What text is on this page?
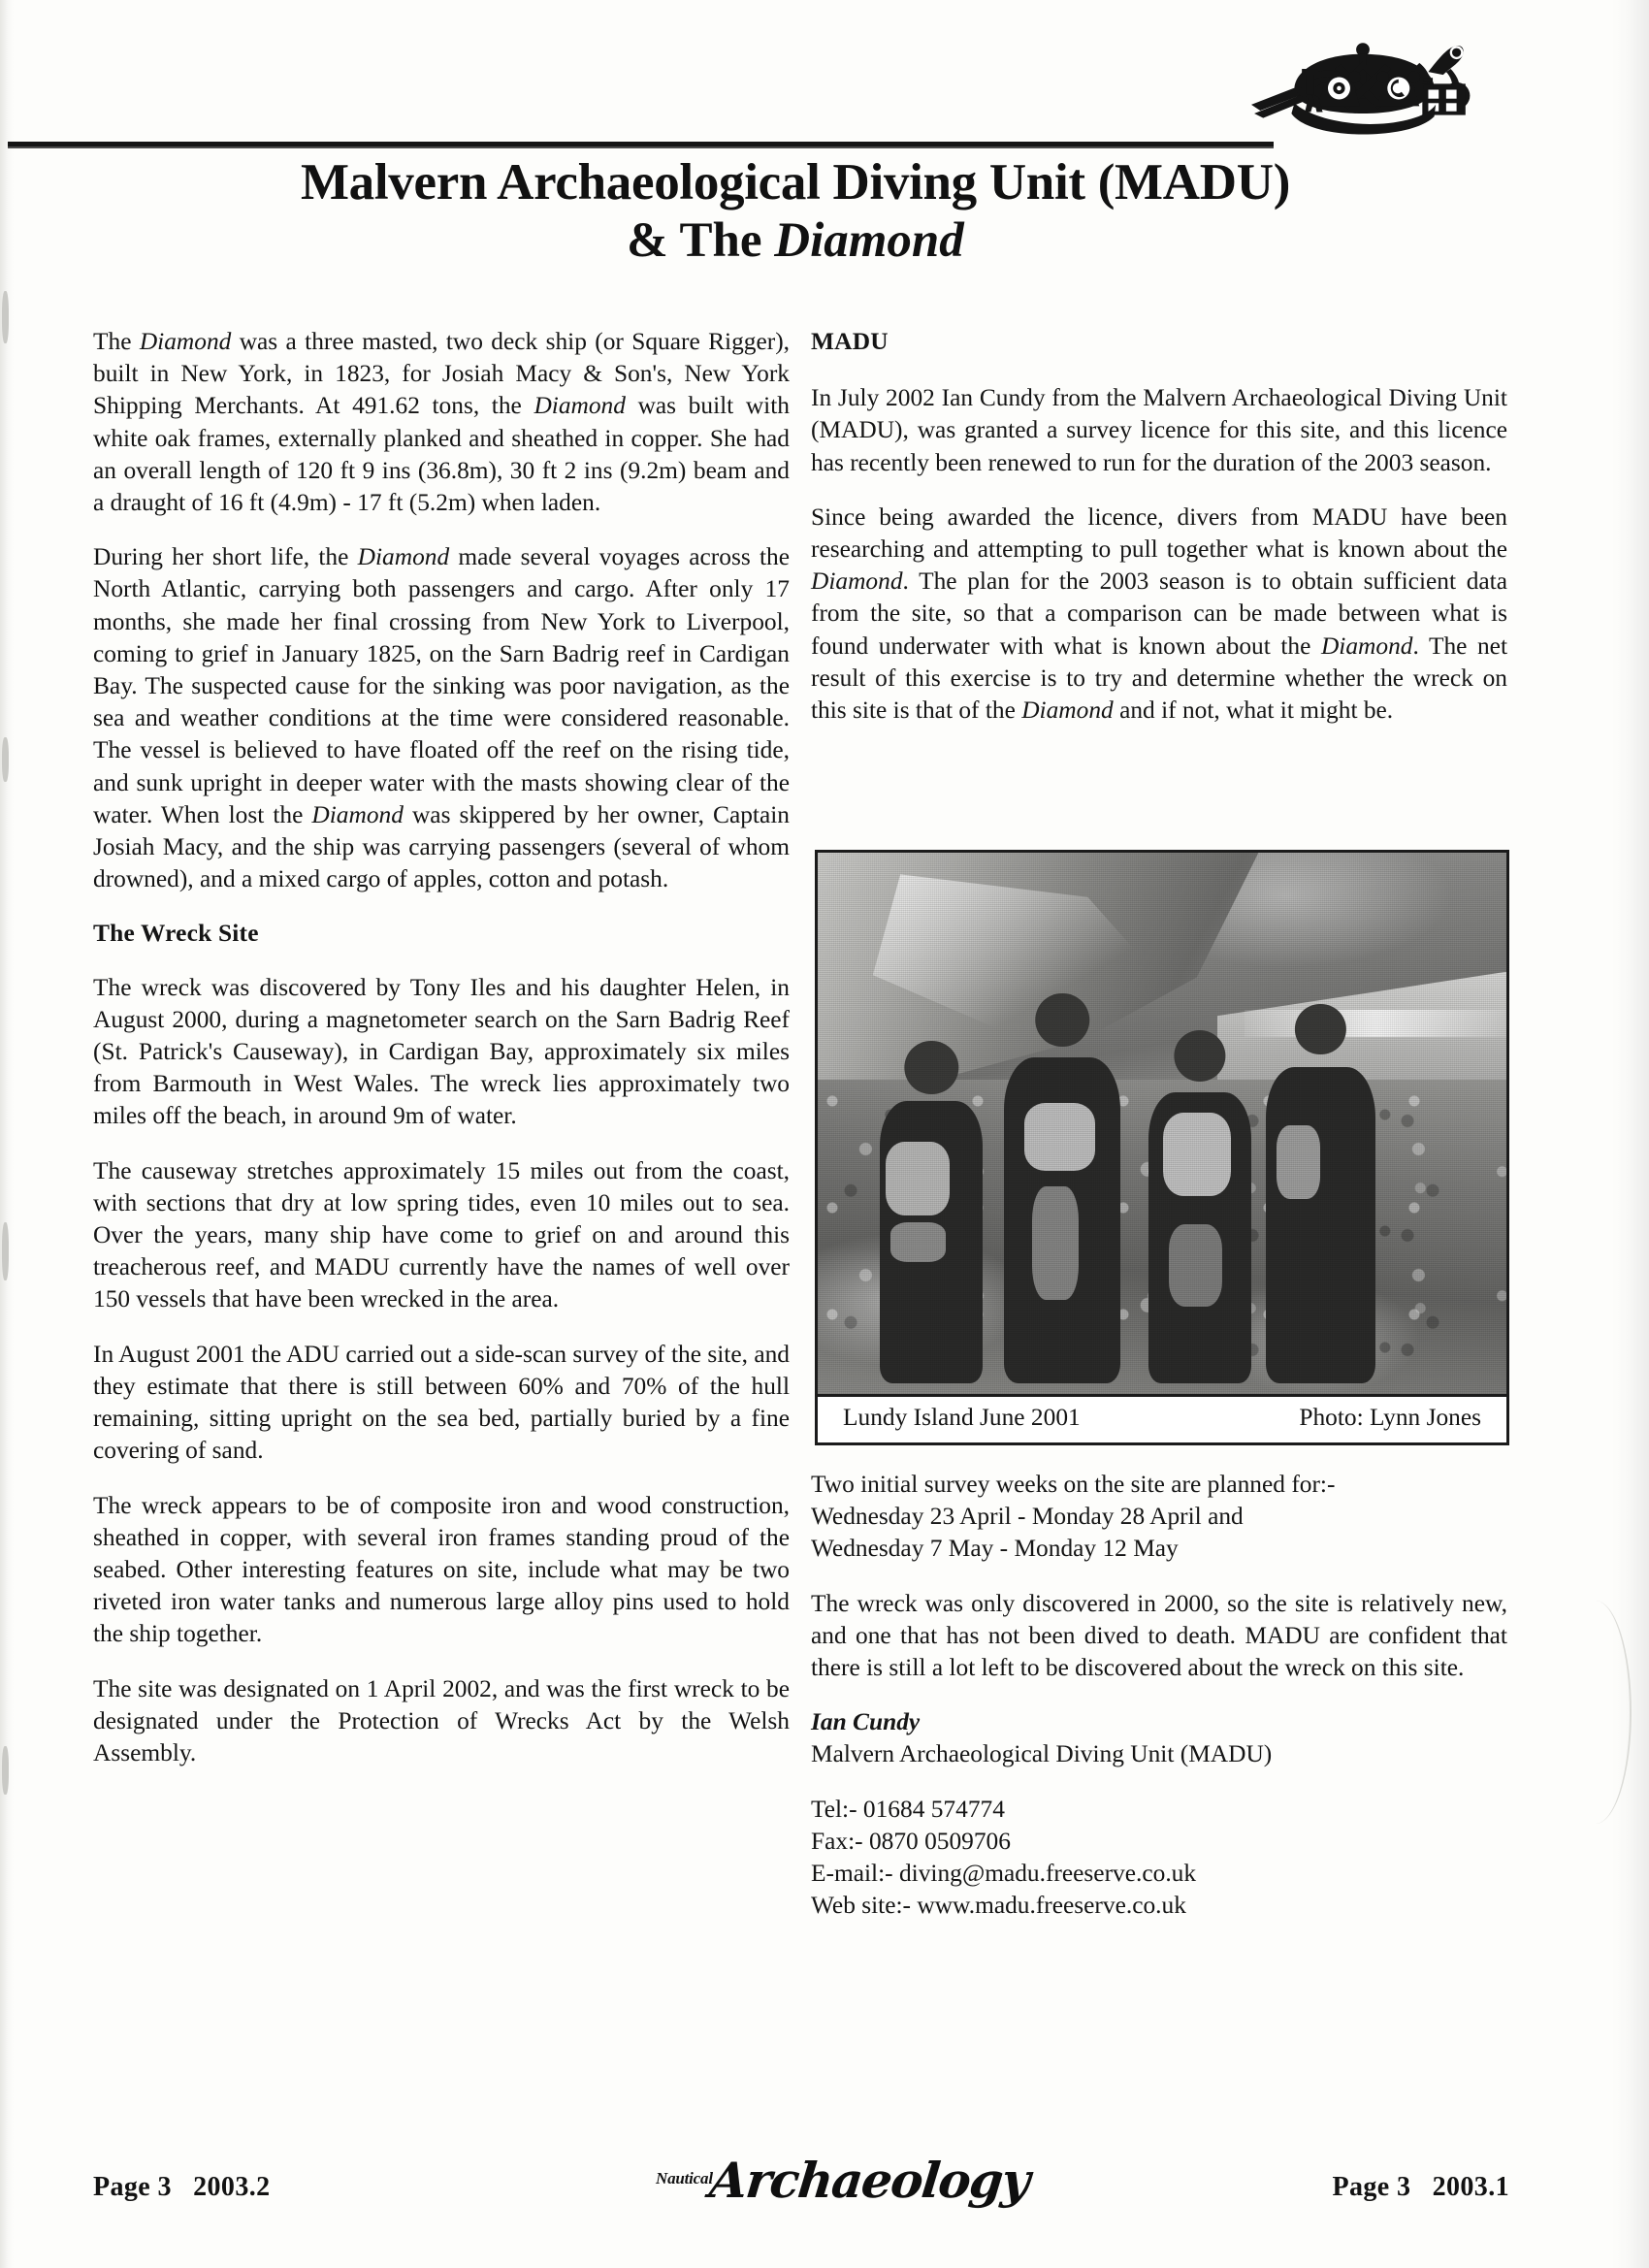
Malvern Archaeological Diving Unit (MADU)
& The Diamond

The Diamond was a three masted, two deck ship (or Square Rigger), built in New York, in 1823, for Josiah Macy & Son's, New York Shipping Merchants. At 491.62 tons, the Diamond was built with white oak frames, externally planked and sheathed in copper. She had an overall length of 120 ft 9 ins (36.8m), 30 ft 2 ins (9.2m) beam and a draught of 16 ft (4.9m) - 17 ft (5.2m) when laden.

During her short life, the Diamond made several voyages across the North Atlantic, carrying both passengers and cargo. After only 17 months, she made her final crossing from New York to Liverpool, coming to grief in January 1825, on the Sarn Badrig reef in Cardigan Bay. The suspected cause for the sinking was poor navigation, as the sea and weather conditions at the time were considered reasonable. The vessel is believed to have floated off the reef on the rising tide, and sunk upright in deeper water with the masts showing clear of the water. When lost the Diamond was skippered by her owner, Captain Josiah Macy, and the ship was carrying passengers (several of whom drowned), and a mixed cargo of apples, cotton and potash.

The Wreck Site

The wreck was discovered by Tony Iles and his daughter Helen, in August 2000, during a magnetometer search on the Sarn Badrig Reef (St. Patrick's Causeway), in Cardigan Bay, approximately six miles from Barmouth in West Wales. The wreck lies approximately two miles off the beach, in around 9m of water.

The causeway stretches approximately 15 miles out from the coast, with sections that dry at low spring tides, even 10 miles out to sea. Over the years, many ship have come to grief on and around this treacherous reef, and MADU currently have the names of well over 150 vessels that have been wrecked in the area.

In August 2001 the ADU carried out a side-scan survey of the site, and they estimate that there is still between 60% and 70% of the hull remaining, sitting upright on the sea bed, partially buried by a fine covering of sand.

The wreck appears to be of composite iron and wood construction, sheathed in copper, with several iron frames standing proud of the seabed. Other interesting features on site, include what may be two riveted iron water tanks and numerous large alloy pins used to hold the ship together.

The site was designated on 1 April 2002, and was the first wreck to be designated under the Protection of Wrecks Act by the Welsh Assembly.

MADU

In July 2002 Ian Cundy from the Malvern Archaeological Diving Unit (MADU), was granted a survey licence for this site, and this licence has recently been renewed to run for the duration of the 2003 season.

Since being awarded the licence, divers from MADU have been researching and attempting to pull together what is known about the Diamond. The plan for the 2003 season is to obtain sufficient data from the site, so that a comparison can be made between what is found underwater with what is known about the Diamond. The net result of this exercise is to try and determine whether the wreck on this site is that of the Diamond and if not, what it might be.

Lundy Island June 2001	Photo: Lynn Jones

Two initial survey weeks on the site are planned for:-
Wednesday 23 April - Monday 28 April and
Wednesday 7 May - Monday 12 May

The wreck was only discovered in 2000, so the site is relatively new, and one that has not been dived to death. MADU are confident that there is still a lot left to be discovered about the wreck on this site.

Ian Cundy
Malvern Archaeological Diving Unit (MADU)

Tel:- 01684 574774
Fax:- 0870 0509706
E-mail:- diving@madu.freeserve.co.uk
Web site:- www.madu.freeserve.co.uk

Page 3   2003.2	Nautical
Archaeology	Page 3   2003.1
